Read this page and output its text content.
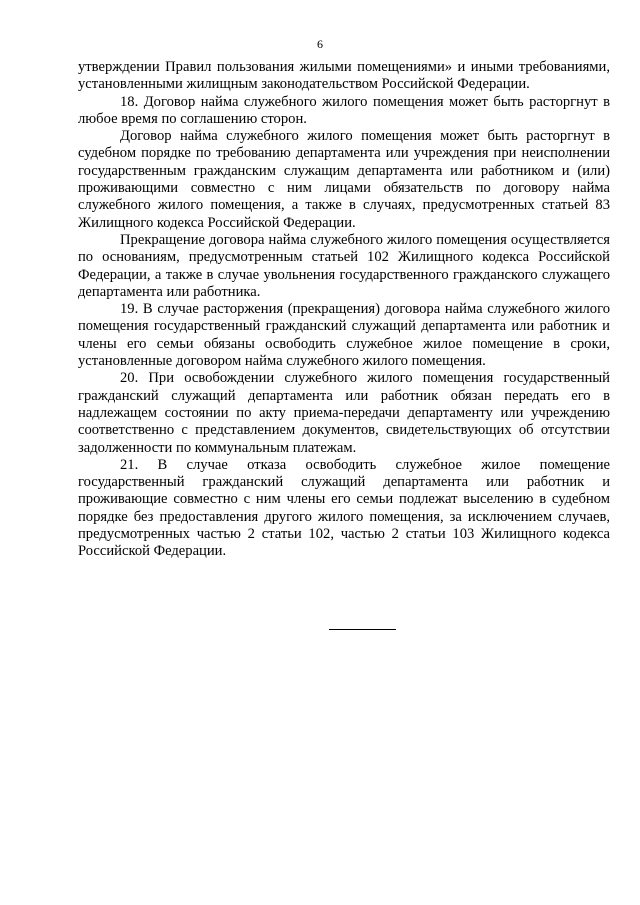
6

утверждении Правил пользования жилыми помещениями» и иными требованиями, установленными жилищным законодательством Российской Федерации.

18. Договор найма служебного жилого помещения может быть расторгнут в любое время по соглашению сторон.

Договор найма служебного жилого помещения может быть расторгнут в судебном порядке по требованию департамента или учреждения при неисполнении государственным гражданским служащим департамента или работником и (или) проживающими совместно с ним лицами обязательств по договору найма служебного жилого помещения, а также в случаях, предусмотренных статьей 83 Жилищного кодекса Российской Федерации.

Прекращение договора найма служебного жилого помещения осуществляется по основаниям, предусмотренным статьей 102 Жилищного кодекса Российской Федерации, а также в случае увольнения государственного гражданского служащего департамента или работника.

19. В случае расторжения (прекращения) договора найма служебного жилого помещения государственный гражданский служащий департамента или работник и члены его семьи обязаны освободить служебное жилое помещение в сроки, установленные договором найма служебного жилого помещения.

20. При освобождении служебного жилого помещения государственный гражданский служащий департамента или работник обязан передать его в надлежащем состоянии по акту приема-передачи департаменту или учреждению соответственно с представлением документов, свидетельствующих об отсутствии задолженности по коммунальным платежам.

21. В случае отказа освободить служебное жилое помещение государственный гражданский служащий департамента или работник и проживающие совместно с ним члены его семьи подлежат выселению в судебном порядке без предоставления другого жилого помещения, за исключением случаев, предусмотренных частью 2 статьи 102, частью 2 статьи 103 Жилищного кодекса Российской Федерации.
